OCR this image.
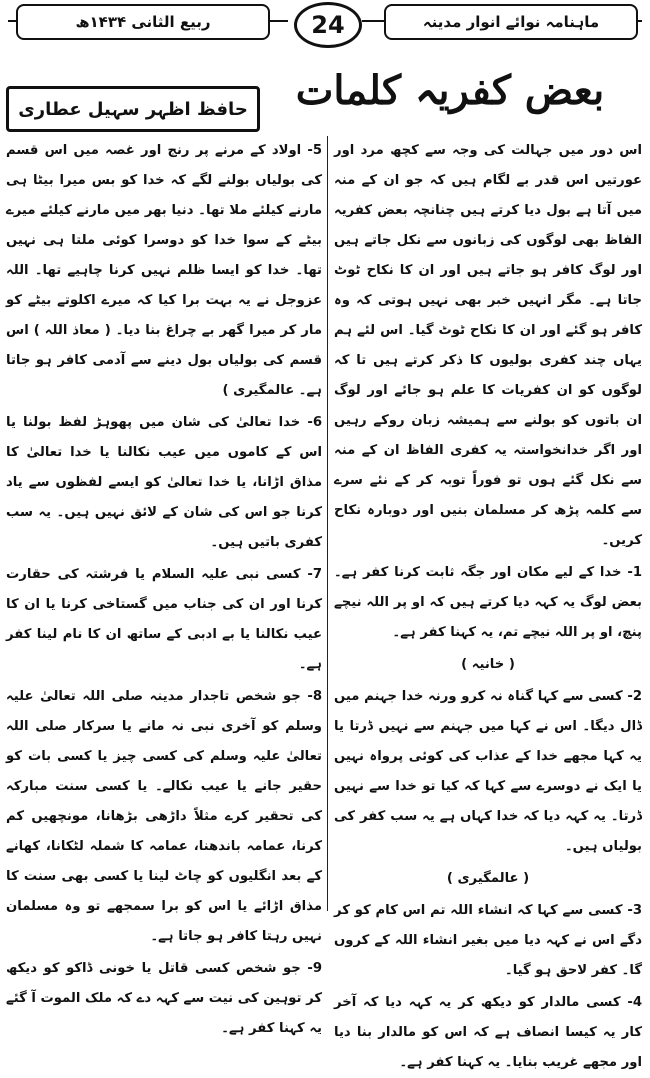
ربیع الثانی ۱۴۳۴ھ	24	ماہنامہ نوائے انوار مدینہ
بعض کفریہ کلمات
حافظ اظہر سہیل عطاری

اس دور میں جہالت کی وجہ سے کچھ مرد اور عورتیں اس قدر بے لگام ہیں کہ جو ان کے منہ میں آتا ہے بول دیا کرتے ہیں چنانچہ بعض کفریہ الفاظ بھی لوگوں کی زبانوں سے نکل جاتے ہیں اور لوگ کافر ہو جاتے ہیں اور ان کا نکاح ٹوٹ جاتا ہے۔ مگر انہیں خبر بھی نہیں ہوتی کہ وہ کافر ہو گئے اور ان کا نکاح ٹوٹ گیا۔ اس لئے ہم یہاں چند کفری بولیوں کا ذکر کرتے ہیں تا کہ لوگوں کو ان کفریات کا علم ہو جائے اور لوگ ان باتوں کو بولنے سے ہمیشہ زبان روکے رہیں اور اگر خدانخواستہ یہ کفری الفاظ ان کے منہ سے نکل گئے ہوں تو فوراً توبہ کر کے نئے سرے سے کلمہ پڑھ کر مسلمان بنیں اور دوبارہ نکاح کریں۔

1- خدا کے لیے مکان اور جگہ ثابت کرنا کفر ہے۔ بعض لوگ یہ کہہ دیا کرتے ہیں کہ او پر اللہ نیچے پنچ، او پر اللہ نیچے تم، یہ کہنا کفر ہے۔

( خانیہ )

2- کسی سے کہا گناہ نہ کرو ورنہ خدا جہنم میں ڈال دیگا۔ اس نے کہا میں جہنم سے نہیں ڈرتا یا یہ کہا مجھے خدا کے عذاب کی کوئی پرواہ نہیں یا ایک نے دوسرے سے کہا کہ کیا تو خدا سے نہیں ڈرتا۔ یہ کہہ دیا کہ خدا کہاں ہے یہ سب کفر کی بولیاں ہیں۔

( عالمگیری )

3- کسی سے کہا کہ انشاء اللہ تم اس کام کو کر دگے اس نے کہہ دیا میں بغیر انشاء اللہ کے کروں گا۔ کفر لاحق ہو گیا۔

4- کسی مالدار کو دیکھ کر یہ کہہ دیا کہ آخر کار یہ کیسا انصاف ہے کہ اس کو مالدار بنا دیا اور مجھے غریب بنایا۔ یہ کہنا کفر ہے۔

5- اولاد کے مرنے پر رنج اور غصہ میں اس قسم کی بولیاں بولنے لگے کہ خدا کو بس میرا بیٹا ہی مارنے کیلئے ملا تھا۔ دنیا بھر میں مارنے کیلئے میرے بیٹے کے سوا خدا کو دوسرا کوئی ملتا ہی نہیں تھا۔ خدا کو ایسا ظلم نہیں کرنا چاہیے تھا۔ اللہ عزوجل نے یہ بہت برا کیا کہ میرے اکلوتے بیٹے کو مار کر میرا گھر بے چراغ بنا دیا۔ ( معاذ اللہ ) اس قسم کی بولیاں بول دینے سے آدمی کافر ہو جاتا ہے۔ عالمگیری )

6- خدا تعالیٰ کی شان میں پھوہڑ لفظ بولنا یا اس کے کاموں میں عیب نکالنا یا خدا تعالیٰ کا مذاق اڑانا، یا خدا تعالیٰ کو ایسے لفظوں سے یاد کرنا جو اس کی شان کے لائق نہیں ہیں۔ یہ سب کفری باتیں ہیں۔

7- کسی نبی علیہ السلام یا فرشتہ کی حقارت کرنا اور ان کی جناب میں گستاخی کرنا یا ان کا عیب نکالنا یا بے ادبی کے ساتھ ان کا نام لینا کفر ہے۔

8- جو شخص تاجدار مدینہ صلی اللہ تعالیٰ علیہ وسلم کو آخری نبی نہ مانے یا سرکار صلی اللہ تعالیٰ علیہ وسلم کی کسی چیز یا کسی بات کو حقیر جانے یا عیب نکالے۔ یا کسی سنت مبارکہ کی تحقیر کرے مثلاً داڑھی بڑھانا، مونچھیں کم کرنا، عمامہ باندھنا، عمامہ کا شملہ لٹکانا، کھانے کے بعد انگلیوں کو چاٹ لینا یا کسی بھی سنت کا مذاق اڑائے یا اس کو برا سمجھے تو وہ مسلمان نہیں رہتا کافر ہو جاتا ہے۔

9- جو شخص کسی قاتل یا خونی ڈاکو کو دیکھ کر توہین کی نیت سے کہہ دے کہ ملک الموت آ گئے یہ کہنا کفر ہے۔
